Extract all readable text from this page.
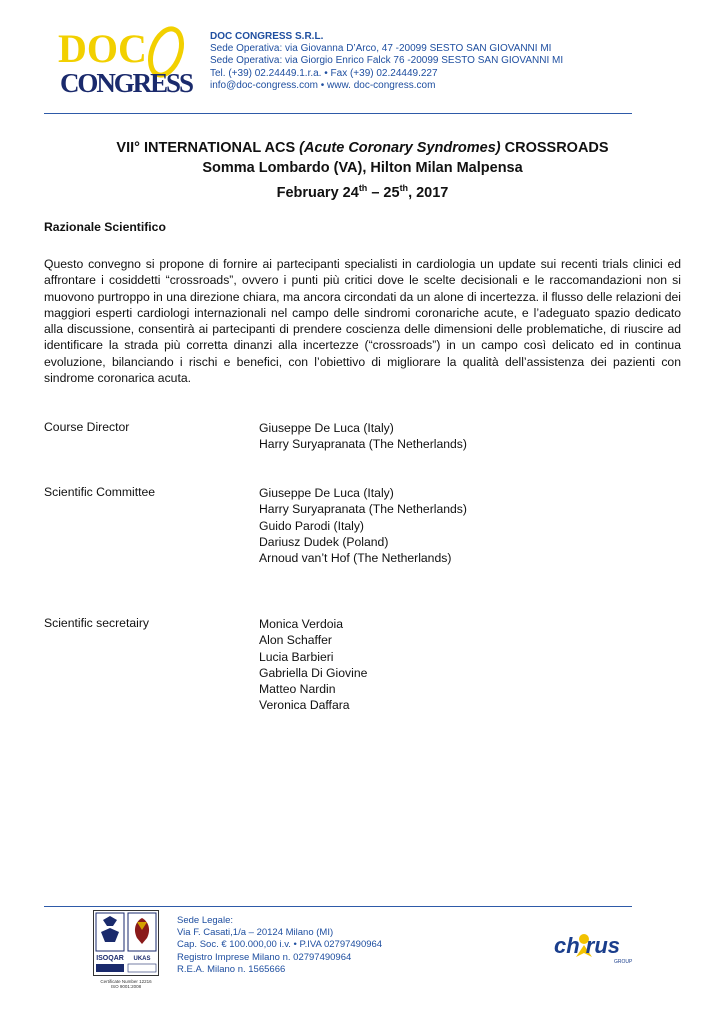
DOC
CONGRESS
DOC CONGRESS S.R.L.
Sede Operativa: via Giovanna D’Arco, 47 -20099 SESTO SAN GIOVANNI MI
Sede Operativa: via Giorgio Enrico Falck 76 -20099 SESTO SAN GIOVANNI MI
Tel. (+39) 02.24449.1.r.a. • Fax (+39) 02.24449.227
info@doc-congress.com • www. doc-congress.com
VII° INTERNATIONAL ACS (Acute Coronary Syndromes) CROSSROADS
Somma Lombardo (VA), Hilton Milan Malpensa
February 24th – 25th, 2017
Razionale Scientifico
Questo convegno si propone di fornire ai partecipanti specialisti in cardiologia un update sui recenti trials clinici ed affrontare i cosiddetti “crossroads”, ovvero i punti più critici dove le scelte decisionali e le raccomandazioni non si muovono purtroppo in una direzione chiara, ma ancora circondati da un alone di incertezza. il flusso delle relazioni dei maggiori esperti cardiologi internazionali nel campo delle sindromi coronariche acute, e l’adeguato spazio dedicato alla discussione, consentirà ai partecipanti di prendere coscienza delle dimensioni delle problematiche, di riuscire ad identificare la strada più corretta dinanzi alla incertezze (“crossroads”) in un campo così delicato ed in continua evoluzione, bilanciando i rischi e benefici, con l’obiettivo di migliorare la qualità dell’assistenza dei pazienti con sindrome coronarica acuta.
Course Director	Giuseppe De Luca (Italy)
Harry Suryapranata (The Netherlands)
Scientific Committee	Giuseppe De Luca (Italy)
Harry Suryapranata (The Netherlands)
Guido Parodi (Italy)
Dariusz Dudek (Poland)
Arnoud van’t Hof (The Netherlands)
Scientific secretairy	Monica Verdoia
Alon Schaffer
Lucia Barbieri
Gabriella Di Giovine
Matteo Nardin
Veronica Daffara
ISOQAR UKAS
Certificate Number 12216
ISO 9001:2008
Sede Legale:
Via F. Casati,1/a – 20124 Milano (MI)
Cap. Soc. € 100.000,00 i.v. • P.IVA 02797490964
Registro Imprese Milano n. 02797490964
R.E.A. Milano n. 1565666
ch rus
GROUP
